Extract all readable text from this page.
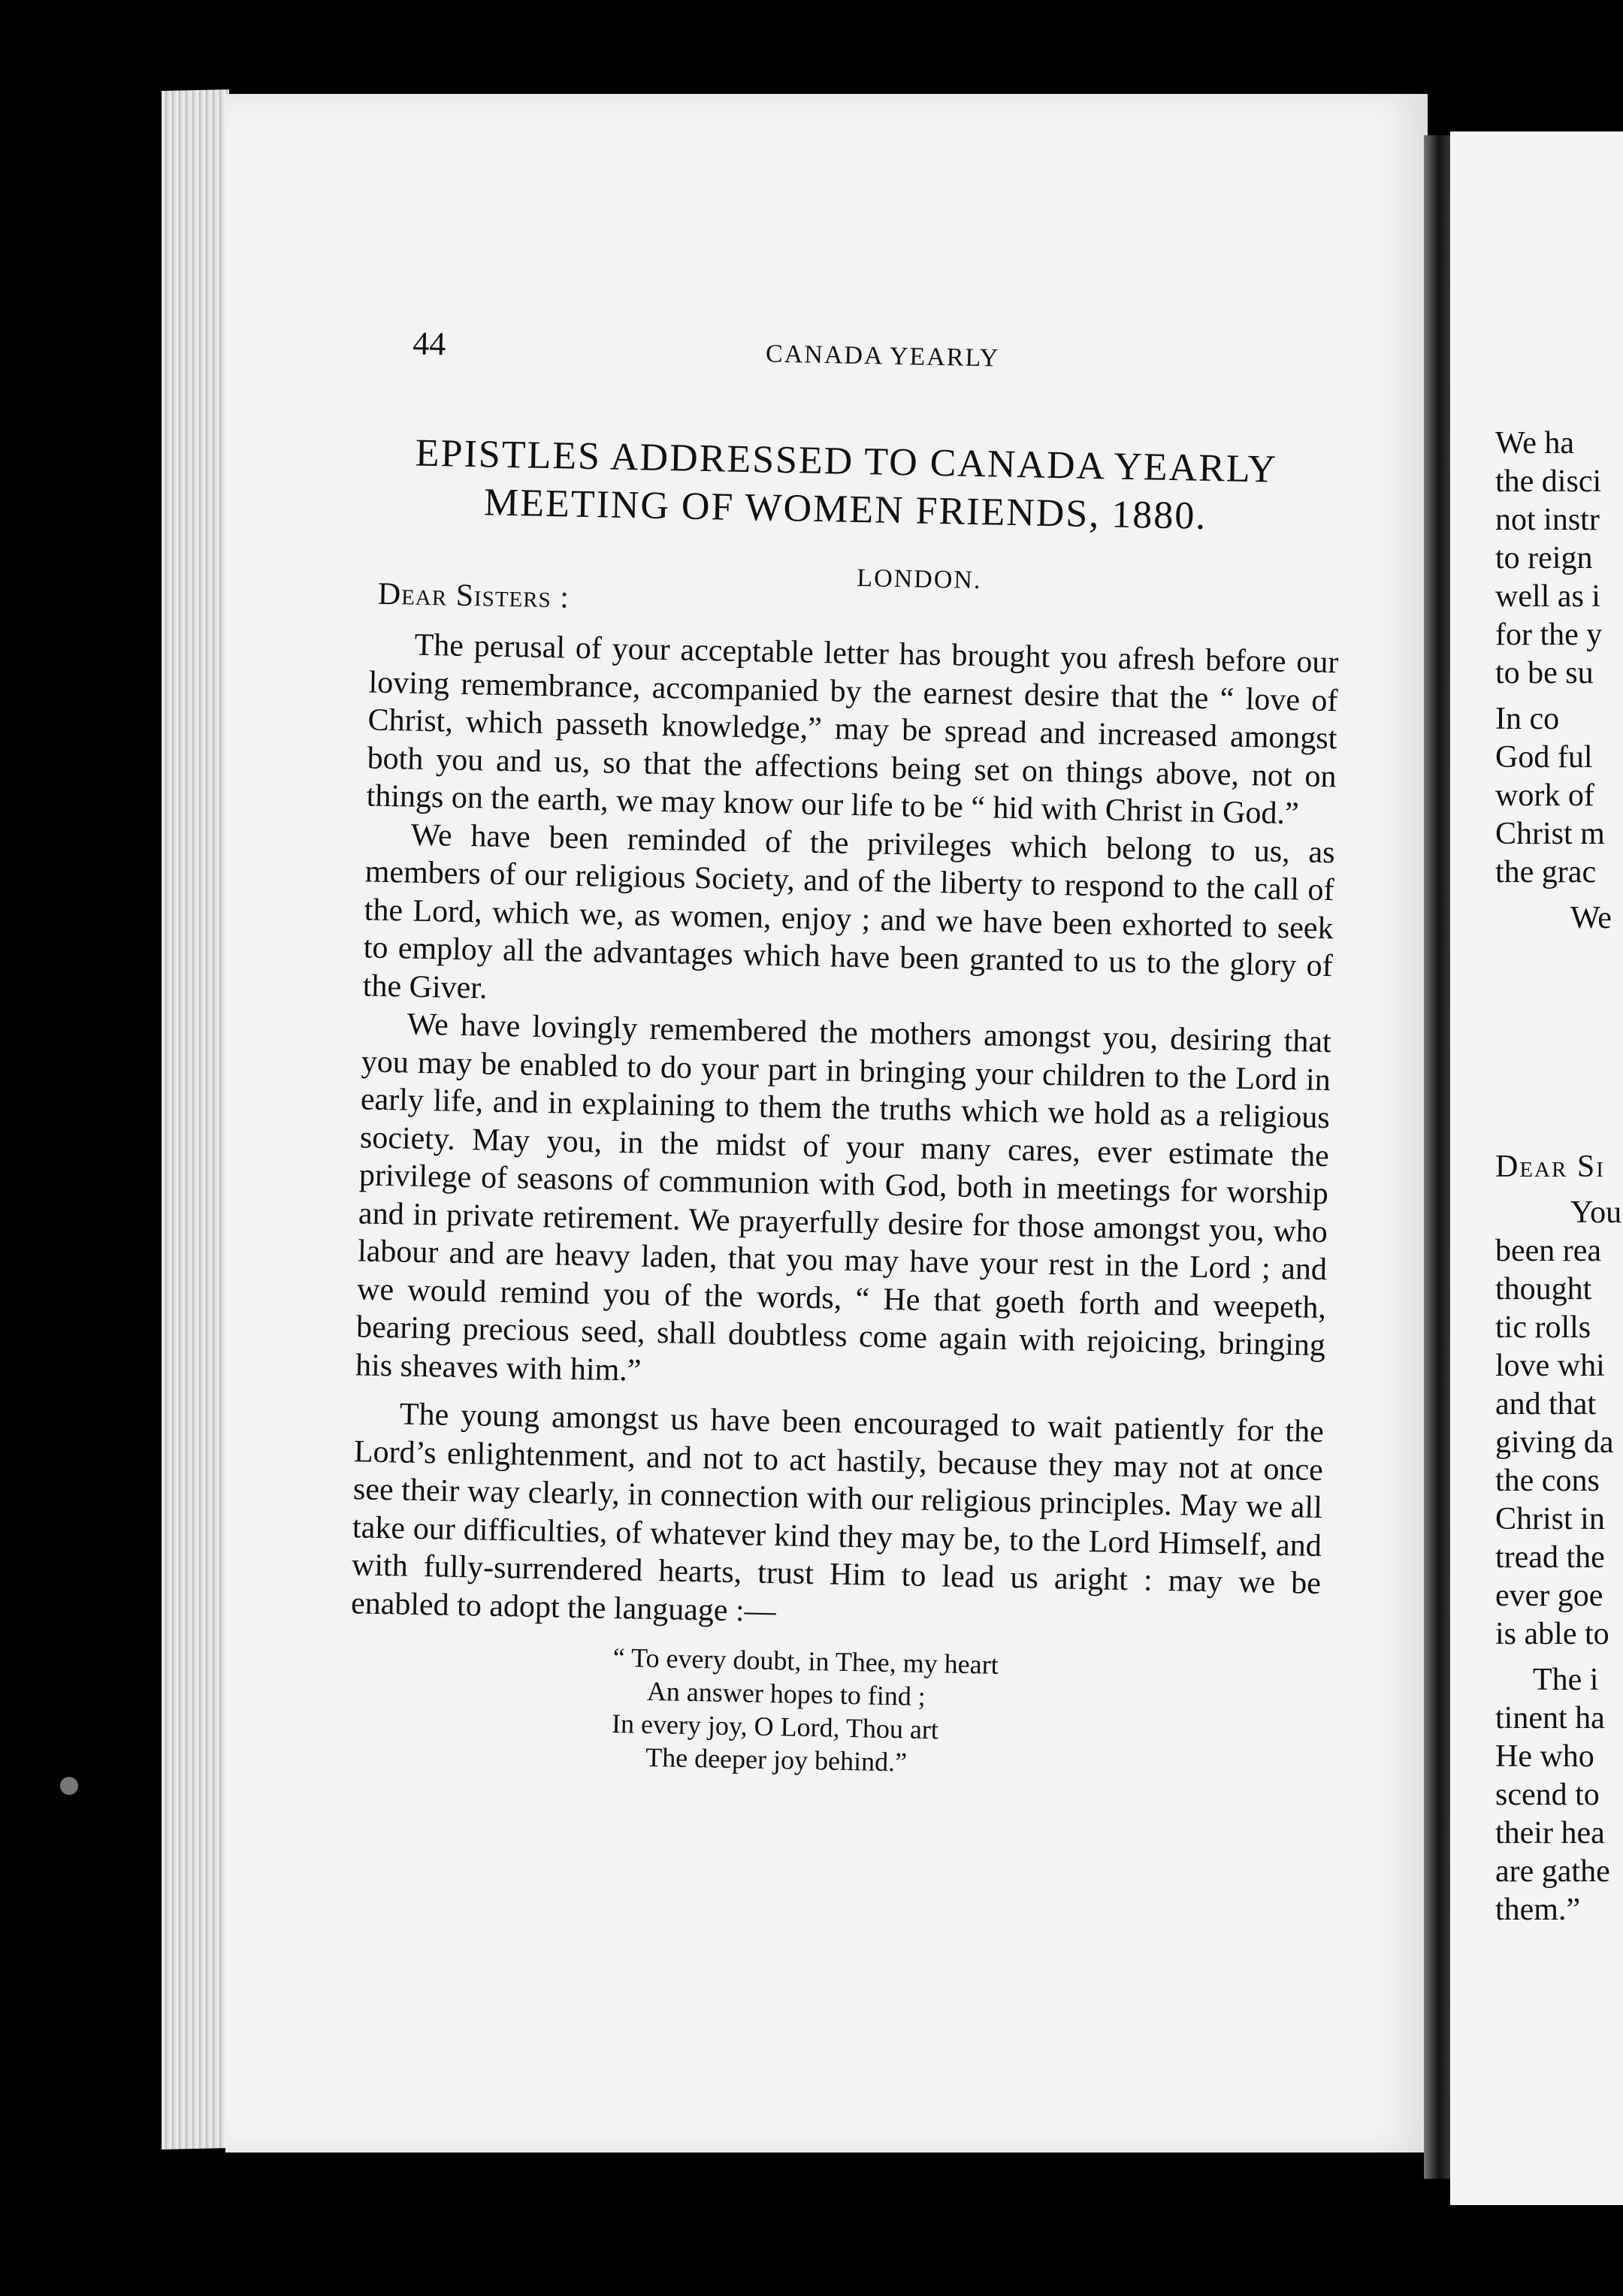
We ha
the disci
not instr
to reign
well as i
for the y
to be su
In co
God ful
work of
Christ m
the grac
We
Dear Si
You
been rea
thought
tic rolls
love whi
and that
giving da
the cons
Christ in
tread the
ever goe
is able to
The i
tinent ha
He who
scend to
their hea
are gathe
them.”
44	CANADA YEARLY
EPISTLES ADDRESSED TO CANADA YEARLY
MEETING OF WOMEN FRIENDS, 1880.
LONDON.
Dear Sisters :

The perusal of your acceptable letter has brought you afresh before our loving remembrance, accompanied by the earnest desire that the “ love of Christ, which passeth knowledge,” may be spread and increased amongst both you and us, so that the affections being set on things above, not on things on the earth, we may know our life to be “ hid with Christ in God.”

We have been reminded of the privileges which belong to us, as members of our religious Society, and of the liberty to respond to the call of the Lord, which we, as women, enjoy ; and we have been exhorted to seek to employ all the advantages which have been granted to us to the glory of the Giver.

We have lovingly remembered the mothers amongst you, desiring that you may be enabled to do your part in bringing your children to the Lord in early life, and in explaining to them the truths which we hold as a religious society. May you, in the midst of your many cares, ever estimate the privilege of seasons of communion with God, both in meetings for worship and in private retirement. We prayerfully desire for those amongst you, who labour and are heavy laden, that you may have your rest in the Lord ; and we would remind you of the words, “ He that goeth forth and weepeth, bearing precious seed, shall doubtless come again with rejoicing, bringing his sheaves with him.”

The young amongst us have been encouraged to wait patiently for the Lord’s enlightenment, and not to act hastily, because they may not at once see their way clearly, in connection with our religious principles. May we all take our difficulties, of whatever kind they may be, to the Lord Himself, and with fully-surrendered hearts, trust Him to lead us aright : may we be enabled to adopt the language :—

“ To every doubt, in Thee, my heart
An answer hopes to find ;
In every joy, O Lord, Thou art
The deeper joy behind.”
